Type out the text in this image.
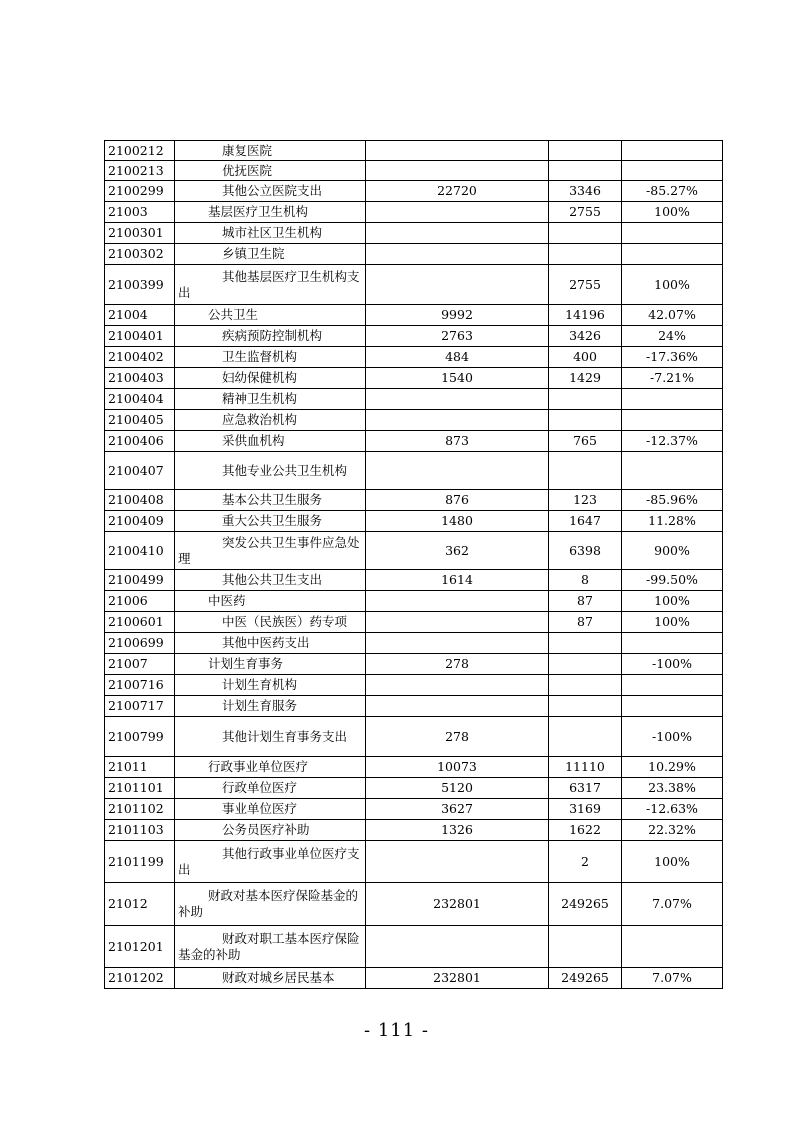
2100212	康复医院			
2100213	优抚医院			
2100299	其他公立医院支出	22720	3346	-85.27%
21003	基层医疗卫生机构		2755	100%
2100301	城市社区卫生机构			
2100302	乡镇卫生院			
2100399	其他基层医疗卫生机构支出		2755	100%
21004	公共卫生	9992	14196	42.07%
2100401	疾病预防控制机构	2763	3426	24%
2100402	卫生监督机构	484	400	-17.36%
2100403	妇幼保健机构	1540	1429	-7.21%
2100404	精神卫生机构			
2100405	应急救治机构			
2100406	采供血机构	873	765	-12.37%
2100407	其他专业公共卫生机构			
2100408	基本公共卫生服务	876	123	-85.96%
2100409	重大公共卫生服务	1480	1647	11.28%
2100410	突发公共卫生事件应急处理	362	6398	900%
2100499	其他公共卫生支出	1614	8	-99.50%
21006	中医药		87	100%
2100601	中医（民族医）药专项		87	100%
2100699	其他中医药支出			
21007	计划生育事务	278		-100%
2100716	计划生育机构			
2100717	计划生育服务			
2100799	其他计划生育事务支出	278		-100%
21011	行政事业单位医疗	10073	11110	10.29%
2101101	行政单位医疗	5120	6317	23.38%
2101102	事业单位医疗	3627	3169	-12.63%
2101103	公务员医疗补助	1326	1622	22.32%
2101199	其他行政事业单位医疗支出		2	100%
21012	财政对基本医疗保险基金的补助	232801	249265	7.07%
2101201	财政对职工基本医疗保险基金的补助			
2101202	财政对城乡居民基本	232801	249265	7.07%
- 111 -
